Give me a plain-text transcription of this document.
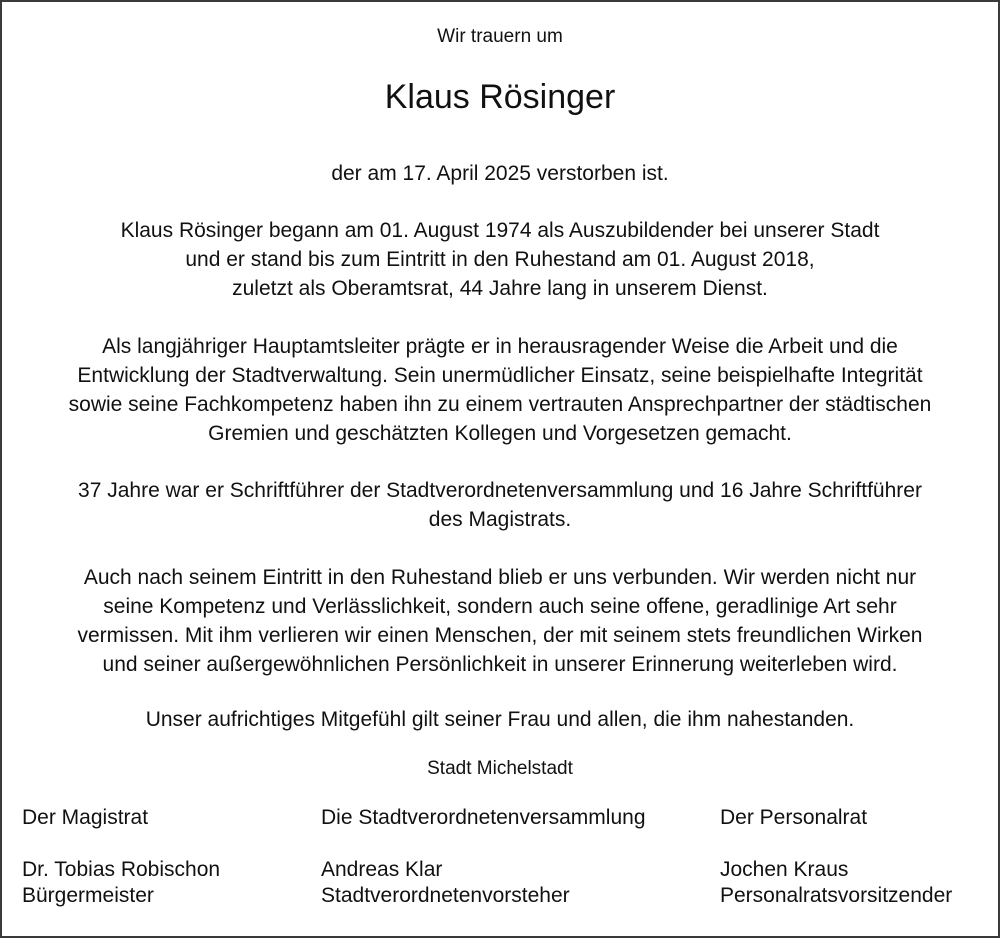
Wir trauern um
Klaus Rösinger
der am 17. April 2025 verstorben ist.
Klaus Rösinger begann am 01. August 1974 als Auszubildender bei unserer Stadt
und er stand bis zum Eintritt in den Ruhestand am 01. August 2018,
zuletzt als Oberamtsrat, 44 Jahre lang in unserem Dienst.
Als langjähriger Hauptamtsleiter prägte er in herausragender Weise die Arbeit und die
Entwicklung der Stadtverwaltung. Sein unermüdlicher Einsatz, seine beispielhafte Integrität
sowie seine Fachkompetenz haben ihn zu einem vertrauten Ansprechpartner der städtischen
Gremien und geschätzten Kollegen und Vorgesetzen gemacht.
37 Jahre war er Schriftführer der Stadtverordnetenversammlung und 16 Jahre Schriftführer
des Magistrats.
Auch nach seinem Eintritt in den Ruhestand blieb er uns verbunden. Wir werden nicht nur
seine Kompetenz und Verlässlichkeit, sondern auch seine offene, geradlinige Art sehr
vermissen. Mit ihm verlieren wir einen Menschen, der mit seinem stets freundlichen Wirken
und seiner außergewöhnlichen Persönlichkeit in unserer Erinnerung weiterleben wird.
Unser aufrichtiges Mitgefühl gilt seiner Frau und allen, die ihm nahestanden.
Stadt Michelstadt
Der Magistrat
Dr. Tobias Robischon
Bürgermeister
Die Stadtverordnetenversammlung
Andreas Klar
Stadtverordnetenvorsteher
Der Personalrat
Jochen Kraus
Personalratsvorsitzender
